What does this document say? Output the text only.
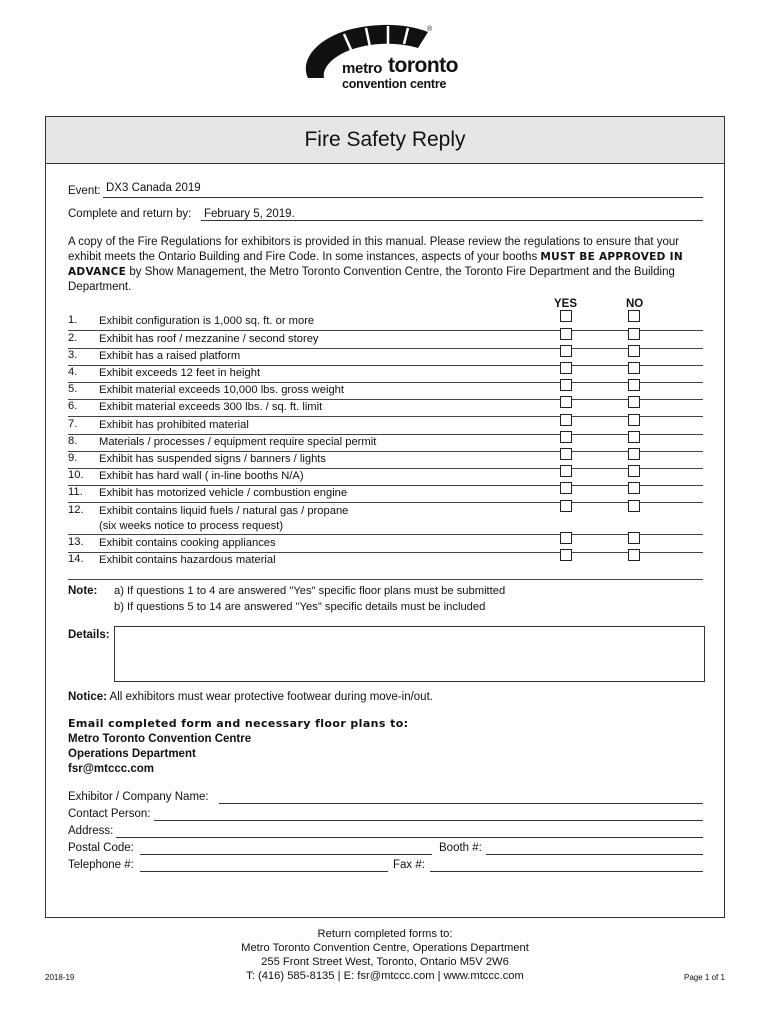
®
metro toronto
convention centre
Fire Safety Reply
Event: DX3 Canada 2019
Complete and return by: February 5, 2019.
A copy of the Fire Regulations for exhibitors is provided in this manual. Please review the regulations to ensure that your exhibit meets the Ontario Building and Fire Code. In some instances, aspects of your booths MUST BE APPROVED IN ADVANCE by Show Management, the Metro Toronto Convention Centre, the Toronto Fire Department and the Building Department.
YES	NO
1. Exhibit configuration is 1,000 sq. ft. or more
2. Exhibit has roof / mezzanine / second storey
3. Exhibit has a raised platform
4. Exhibit exceeds 12 feet in height
5. Exhibit material exceeds 10,000 lbs. gross weight
6. Exhibit material exceeds 300 lbs. / sq. ft. limit
7. Exhibit has prohibited material
8. Materials / processes / equipment require special permit
9. Exhibit has suspended signs / banners / lights
10. Exhibit has hard wall ( in-line booths N/A)
11. Exhibit has motorized vehicle / combustion engine
12. Exhibit contains liquid fuels / natural gas / propane
(six weeks notice to process request)
13. Exhibit contains cooking appliances
14. Exhibit contains hazardous material
Note: a) If questions 1 to 4 are answered "Yes" specific floor plans must be submitted
b) If questions 5 to 14 are answered "Yes" specific details must be included
Details:
Notice: All exhibitors must wear protective footwear during move-in/out.
Email completed form and necessary floor plans to:
Metro Toronto Convention Centre
Operations Department
fsr@mtccc.com
Exhibitor / Company Name:
Contact Person:
Address:
Postal Code:	Booth #:
Telephone #:	Fax #:
Return completed forms to:
Metro Toronto Convention Centre, Operations Department
255 Front Street West, Toronto, Ontario M5V 2W6
T: (416) 585-8135 | E: fsr@mtccc.com | www.mtccc.com
2018-19	Page 1 of 1
